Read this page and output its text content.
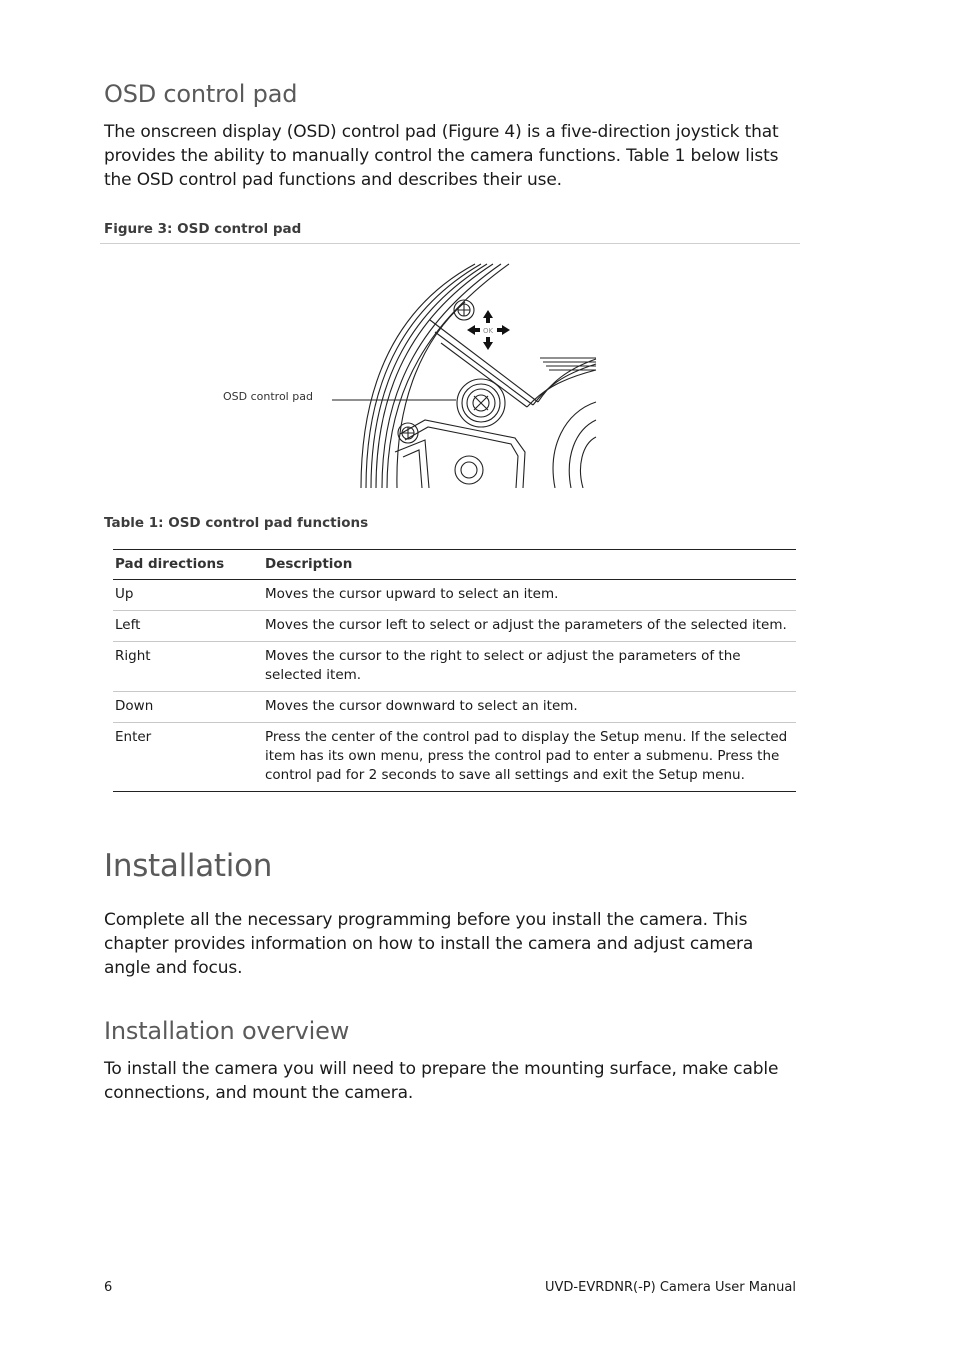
OSD control pad

The onscreen display (OSD) control pad (Figure 4) is a five-direction joystick that provides the ability to manually control the camera functions. Table 1 below lists the OSD control pad functions and describes their use.

Figure 3: OSD control pad

OK
OSD control pad

Table 1: OSD control pad functions

Pad directions	Description
Up	Moves the cursor upward to select an item.
Left	Moves the cursor left to select or adjust the parameters of the selected item.
Right	Moves the cursor to the right to select or adjust the parameters of the selected item.
Down	Moves the cursor downward to select an item.
Enter	Press the center of the control pad to display the Setup menu. If the selected item has its own menu, press the control pad to enter a submenu. Press the control pad for 2 seconds to save all settings and exit the Setup menu.
Installation

Complete all the necessary programming before you install the camera. This chapter provides information on how to install the camera and adjust camera angle and focus.

Installation overview

To install the camera you will need to prepare the mounting surface, make cable connections, and mount the camera.

6	UVD-EVRDNR(-P) Camera User Manual
